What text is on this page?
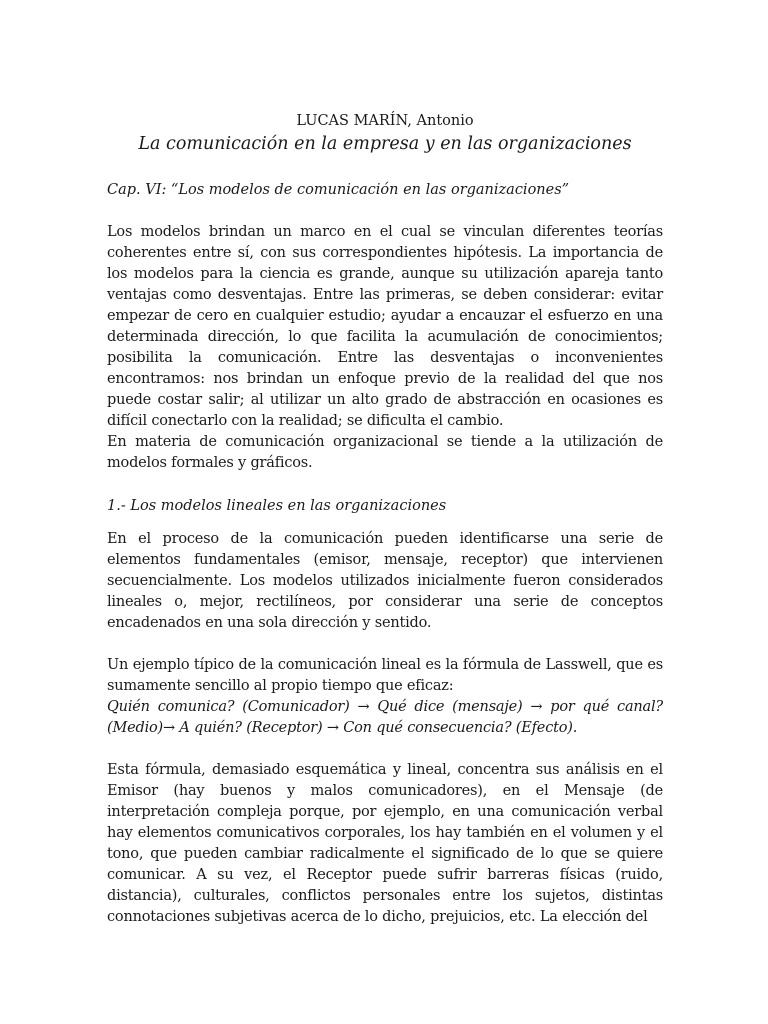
LUCAS MARÍN, Antonio

La comunicación en la empresa y en las organizaciones

Cap. VI: “Los modelos de comunicación en las organizaciones”

Los modelos brindan un marco en el cual se vinculan diferentes teorías coherentes entre sí, con sus correspondientes hipótesis. La importancia de los modelos para la ciencia es grande, aunque su utilización apareja tanto ventajas como desventajas. Entre las primeras, se deben considerar: evitar empezar de cero en cualquier estudio; ayudar a encauzar el esfuerzo en una determinada dirección, lo que facilita la acumulación de conocimientos; posibilita la comunicación. Entre las desventajas o inconvenientes encontramos: nos brindan un enfoque previo de la realidad del que nos puede costar salir; al utilizar un alto grado de abstracción en ocasiones es difícil conectarlo con la realidad; se dificulta el cambio.

En materia de comunicación organizacional se tiende a la utilización de modelos formales y gráficos.

1.- Los modelos lineales en las organizaciones

En el proceso de la comunicación pueden identificarse una serie de elementos fundamentales (emisor, mensaje, receptor) que intervienen secuencialmente. Los modelos utilizados inicialmente fueron considerados lineales o, mejor, rectilíneos, por considerar una serie de conceptos encadenados en una sola dirección y sentido.

Un ejemplo típico de la comunicación lineal es la fórmula de Lasswell, que es sumamente sencillo al propio tiempo que eficaz:

Quién comunica? (Comunicador) → Qué dice (mensaje) → por qué canal? (Medio)→ A quién? (Receptor) → Con qué consecuencia? (Efecto).

Esta fórmula, demasiado esquemática y lineal, concentra sus análisis en el Emisor (hay buenos y malos comunicadores), en el Mensaje (de interpretación compleja porque, por ejemplo, en una comunicación verbal hay elementos comunicativos corporales, los hay también en el volumen y el tono, que pueden cambiar radicalmente el significado de lo que se quiere comunicar. A su vez, el Receptor puede sufrir barreras físicas (ruido, distancia), culturales, conflictos personales entre los sujetos, distintas connotaciones subjetivas acerca de lo dicho, prejuicios, etc. La elección del
